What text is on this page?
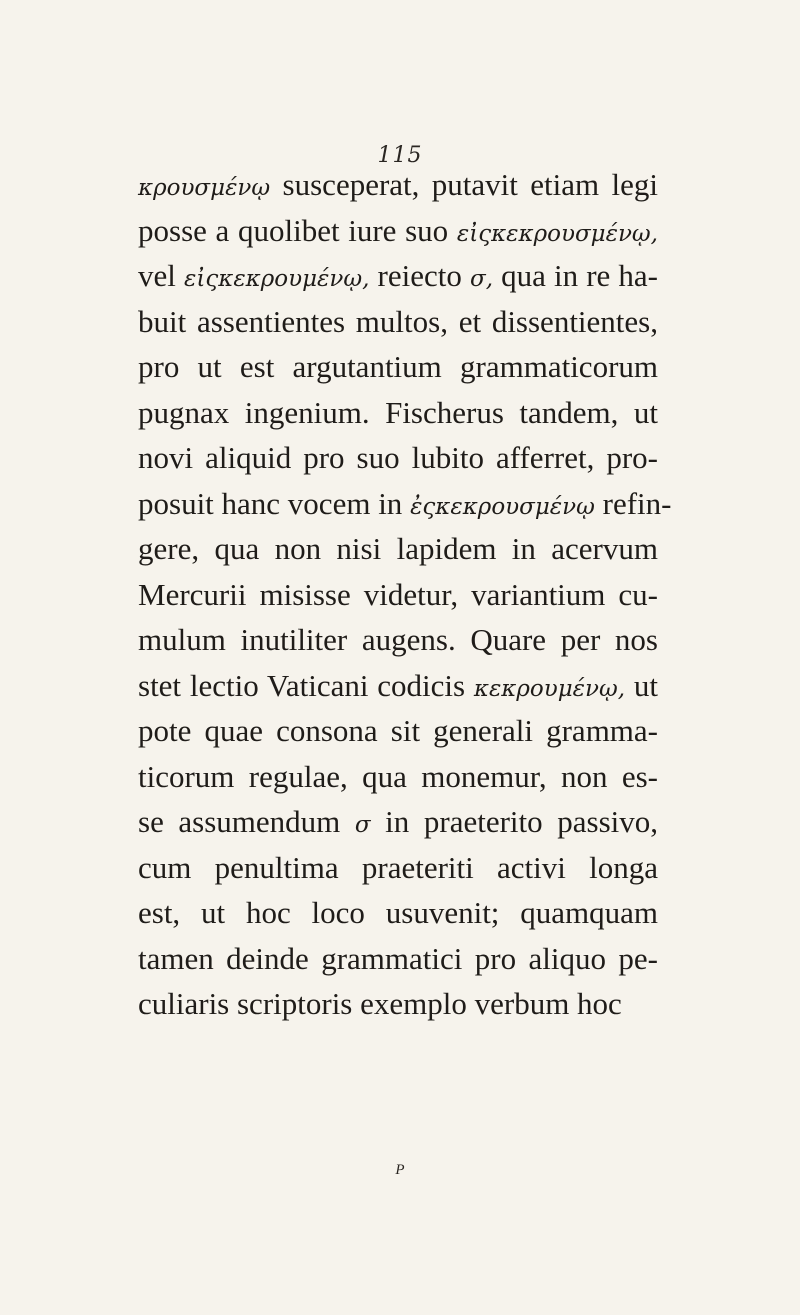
115
κρουσμένῳ susceperat, putavit etiam legi
posse a quolibet iure suo εἰςκεκρουσμένῳ,
vel εἰςκεκρουμένῳ, reiecto σ, qua in re ha-
buit assentientes multos, et dissentientes,
pro ut est argutantium grammaticorum
pugnax ingenium. Fischerus tandem, ut
novi aliquid pro suo lubito afferret, pro-
posuit hanc vocem in ἐςκεκρουσμένῳ refin-
gere, qua non nisi lapidem in acervum
Mercurii misisse videtur, variantium cu-
mulum inutiliter augens. Quare per nos
stet lectio Vaticani codicis κεκρουμένῳ, ut
pote quae consona sit generali gramma-
ticorum regulae, qua monemur, non es-
se assumendum σ in praeterito passivo,
cum penultima praeteriti activi longa
est, ut hoc loco usuvenit; quamquam
tamen deinde grammatici pro aliquo pe-
culiaris scriptoris exemplo verbum hoc
P
